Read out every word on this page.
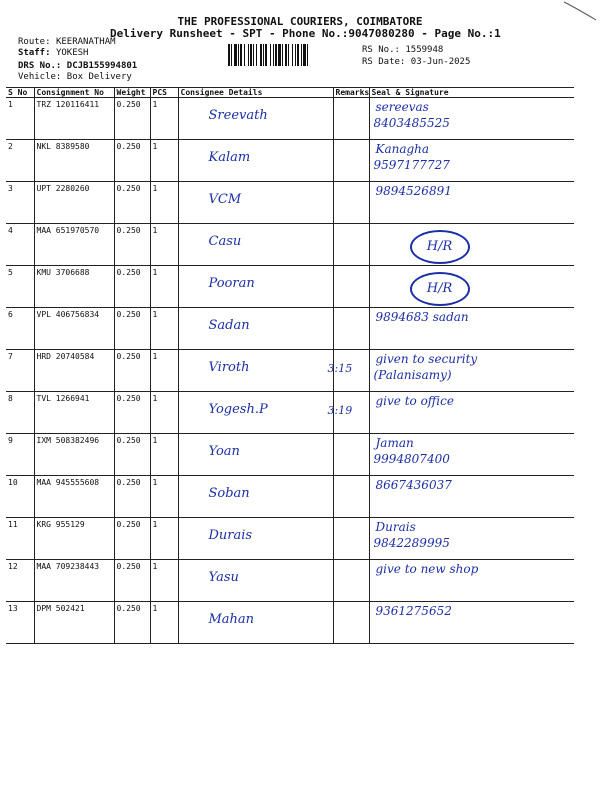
THE PROFESSIONAL COURIERS, COIMBATORE
Delivery Runsheet - SPT - Phone No.:9047080280 - Page No.:1
Route: KEERANATHAM
Staff: YOKESH
DRS No.: DCJB155994801
Vehicle: Box Delivery
RS No.: 1559948
RS Date: 03-Jun-2025
S No	Consignment No	Weight	PCS	Consignee Details	Remarks	Seal & Signature
1	TRZ 120116411	0.250	1	Sreevath		sereevas
8403485525

2	NKL 8389580	0.250	1	Kalam		Kanagha
9597177727

3	UPT 2280260	0.250	1	VCM		9894526891

4	MAA 651970570	0.250	1	Casu		H/R

5	KMU 3706688	0.250	1	Pooran		H/R

6	VPL 406756834	0.250	1	Sadan		9894683 sadan

7	HRD 20740584	0.250	1	Viroth	3:15	given to security
(Palanisamy)

8	TVL 1266941	0.250	1	Yogesh.P	3:19	give to office

9	IXM 508382496	0.250	1	Yoan		Jaman
9994807400

10	MAA 945555608	0.250	1	Soban		8667436037

11	KRG 955129	0.250	1	Durais		Durais
9842289995

12	MAA 709238443	0.250	1	Yasu		give to new shop

13	DPM 502421	0.250	1	Mahan		9361275652
